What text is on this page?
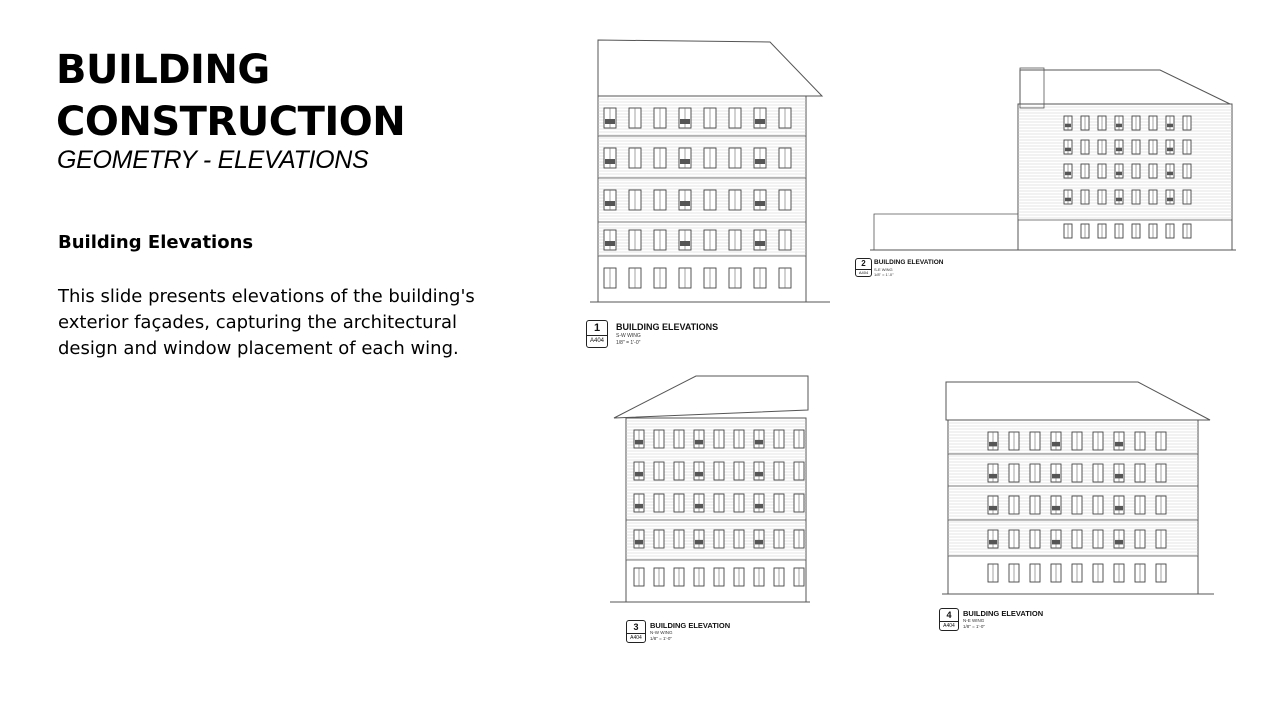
BUILDING
CONSTRUCTION
GEOMETRY - ELEVATIONS
Building Elevations
This slide presents elevations of the building's exterior façades, capturing the architectural design and window placement of each wing.
1
A404
BUILDING ELEVATIONS
S-W WING
1/8" = 1'-0"
2
A404
BUILDING ELEVATION
S-E WING
1/8" = 1'-0"
3
A404
BUILDING ELEVATION
N-W WING
1/8" = 1'-0"
4
A404
BUILDING ELEVATION
N-E WING
1/8" = 1'-0"
